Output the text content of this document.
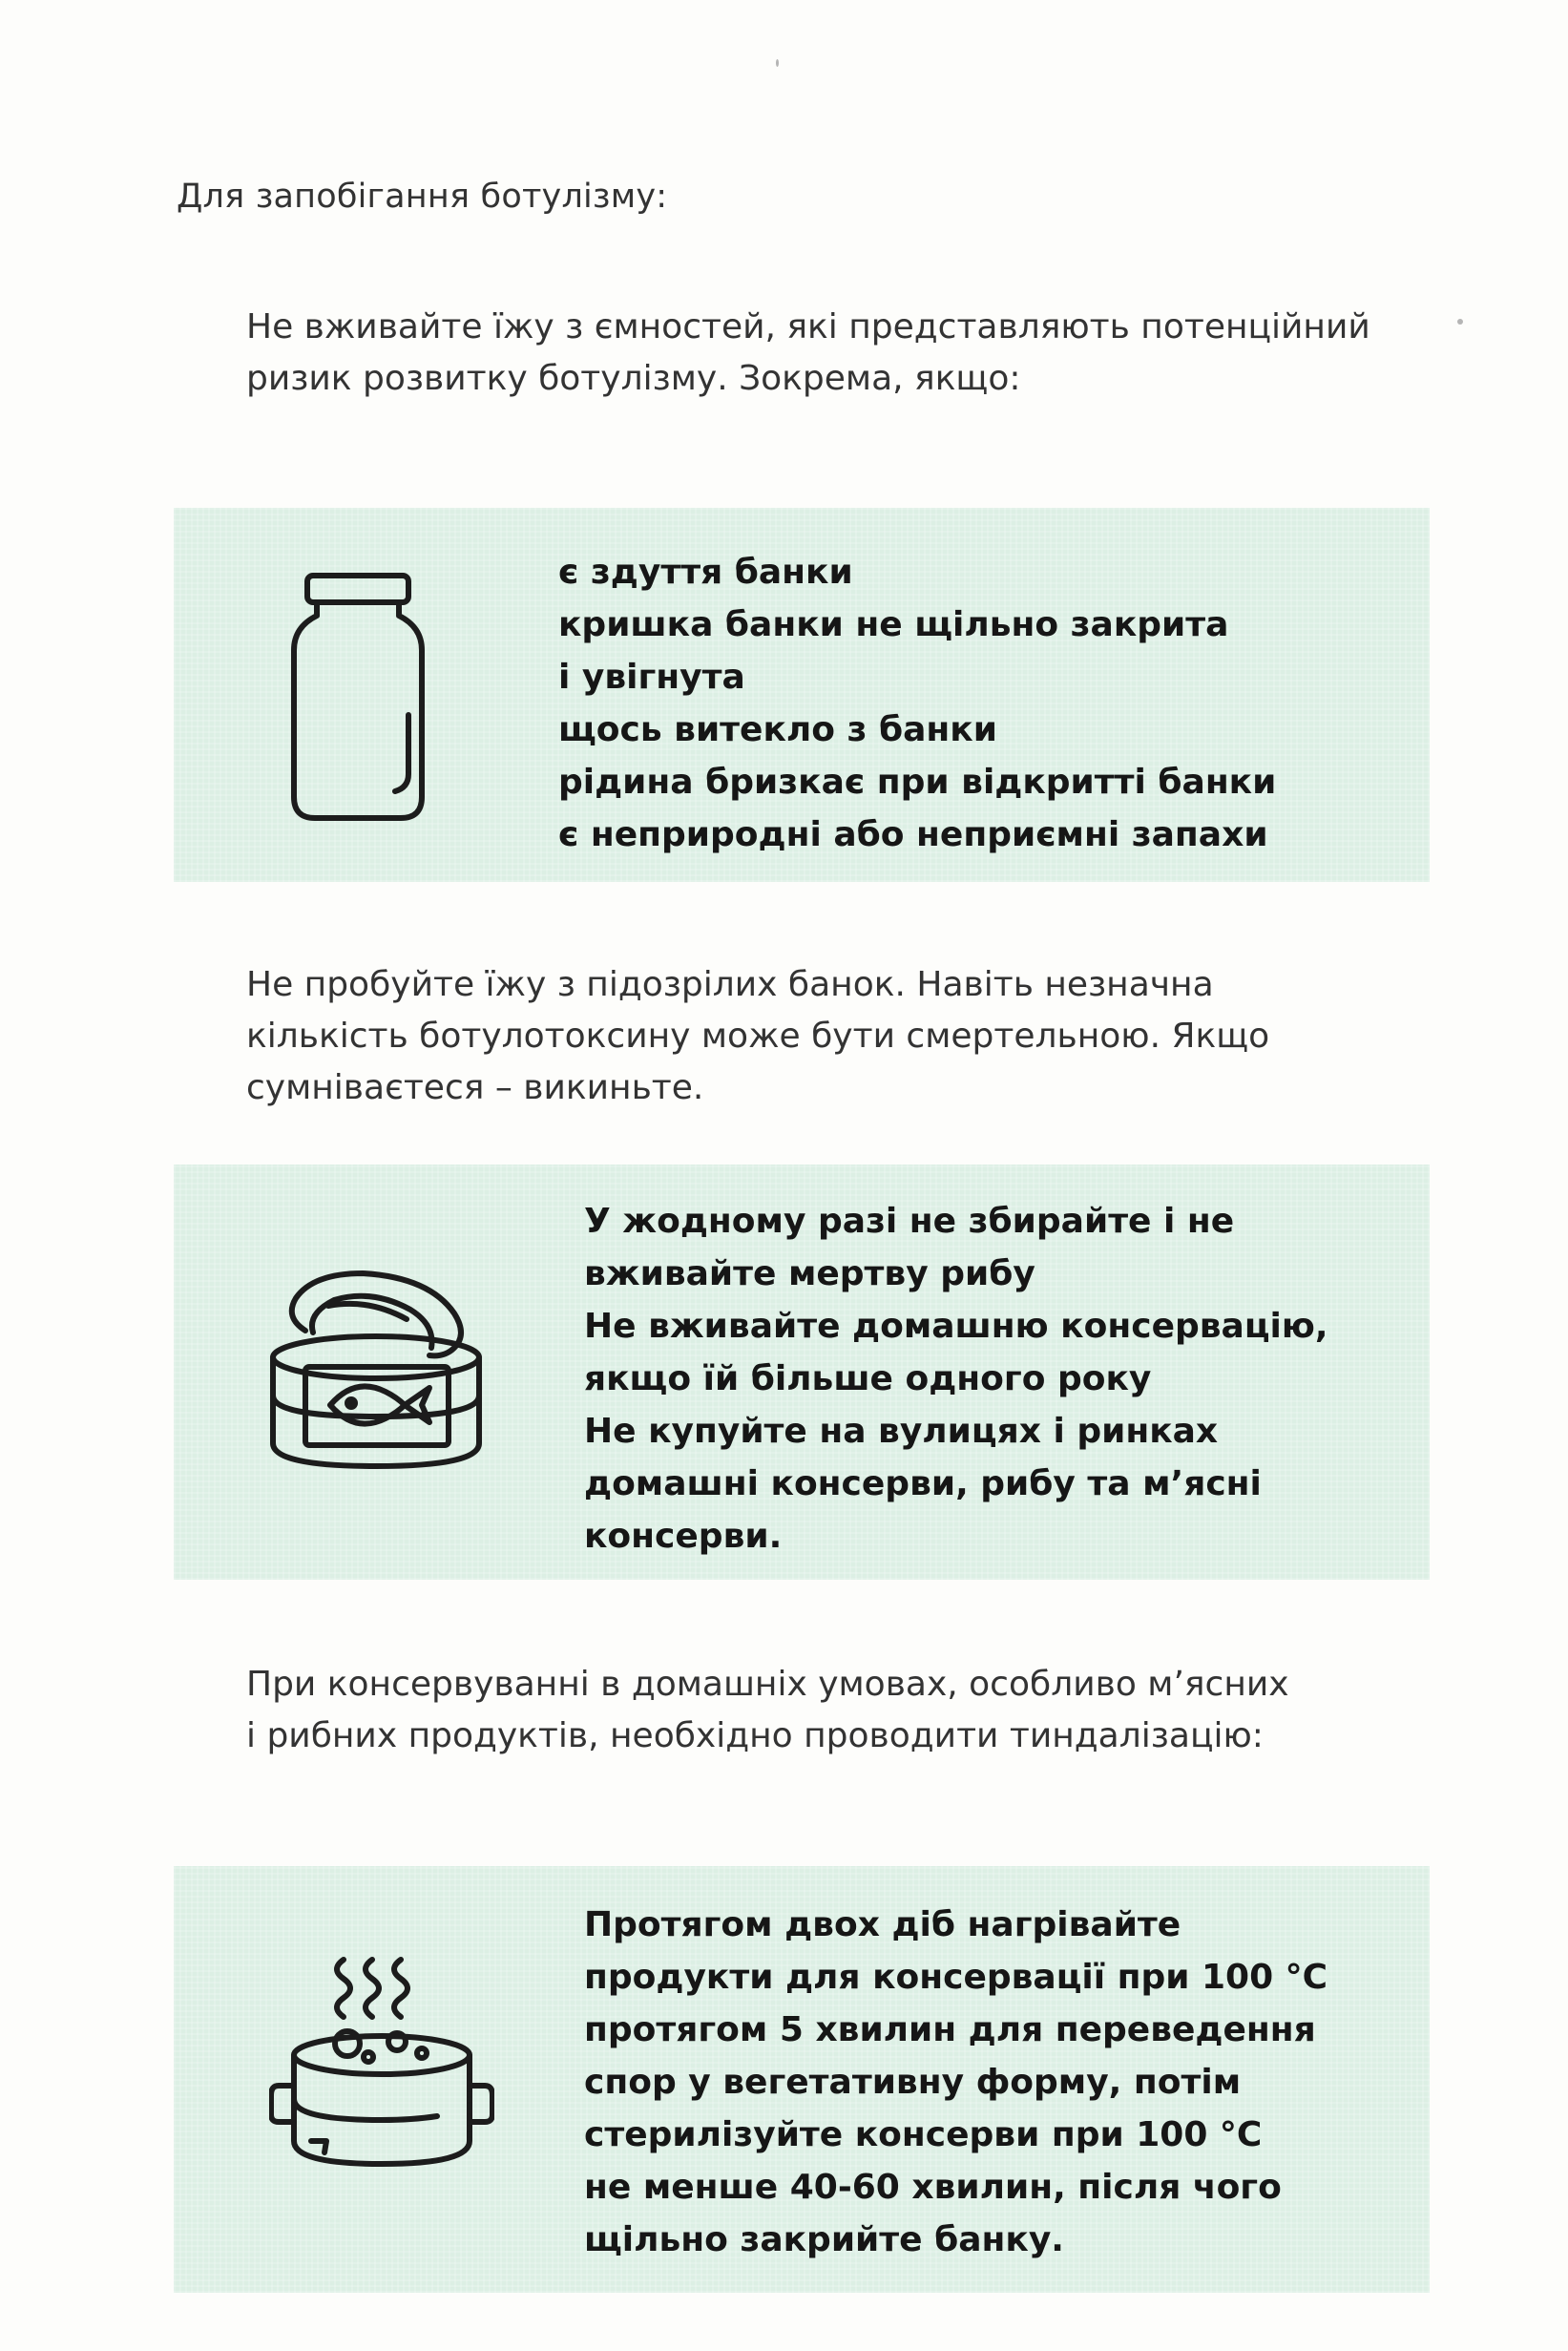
Для запобігання ботулізму:

Не вживайте їжу з ємностей, які представляють потенційний
ризик розвитку ботулізму. Зокрема, якщо:

є здуття банки
кришка банки не щільно закрита
і увігнута
щось витекло з банки
рідина бризкає при відкритті банки
є неприродні або неприємні запахи

Не пробуйте їжу з підозрілих банок. Навіть незначна
кількість ботулотоксину може бути смертельною. Якщо
сумніваєтеся – викиньте.

У жодному разі не збирайте і не
вживайте мертву рибу
Не вживайте домашню консервацію,
якщо їй більше одного року
Не купуйте на вулицях і ринках
домашні консерви, рибу та м’ясні
консерви.

При консервуванні в домашніх умовах, особливо м’ясних
і рибних продуктів, необхідно проводити тиндалізацію:

Протягом двох діб нагрівайте
продукти для консервації при 100 °C
протягом 5 хвилин для переведення
спор у вегетативну форму, потім
стерилізуйте консерви при 100 °C
не менше 40-60 хвилин, після чого
щільно закрийте банку.
